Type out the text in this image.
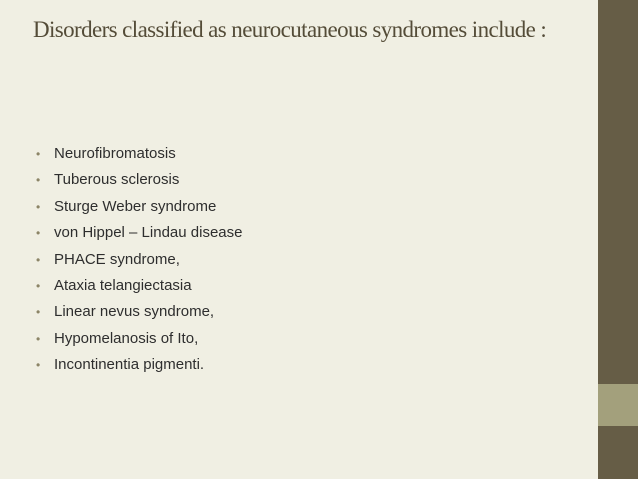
Disorders classified as neurocutaneous syndromes include :
• Neurofibromatosis
• Tuberous sclerosis
• Sturge Weber syndrome
• von Hippel – Lindau disease
• PHACE syndrome,
• Ataxia telangiectasia
• Linear nevus syndrome,
• Hypomelanosis of Ito,
• Incontinentia pigmenti.
